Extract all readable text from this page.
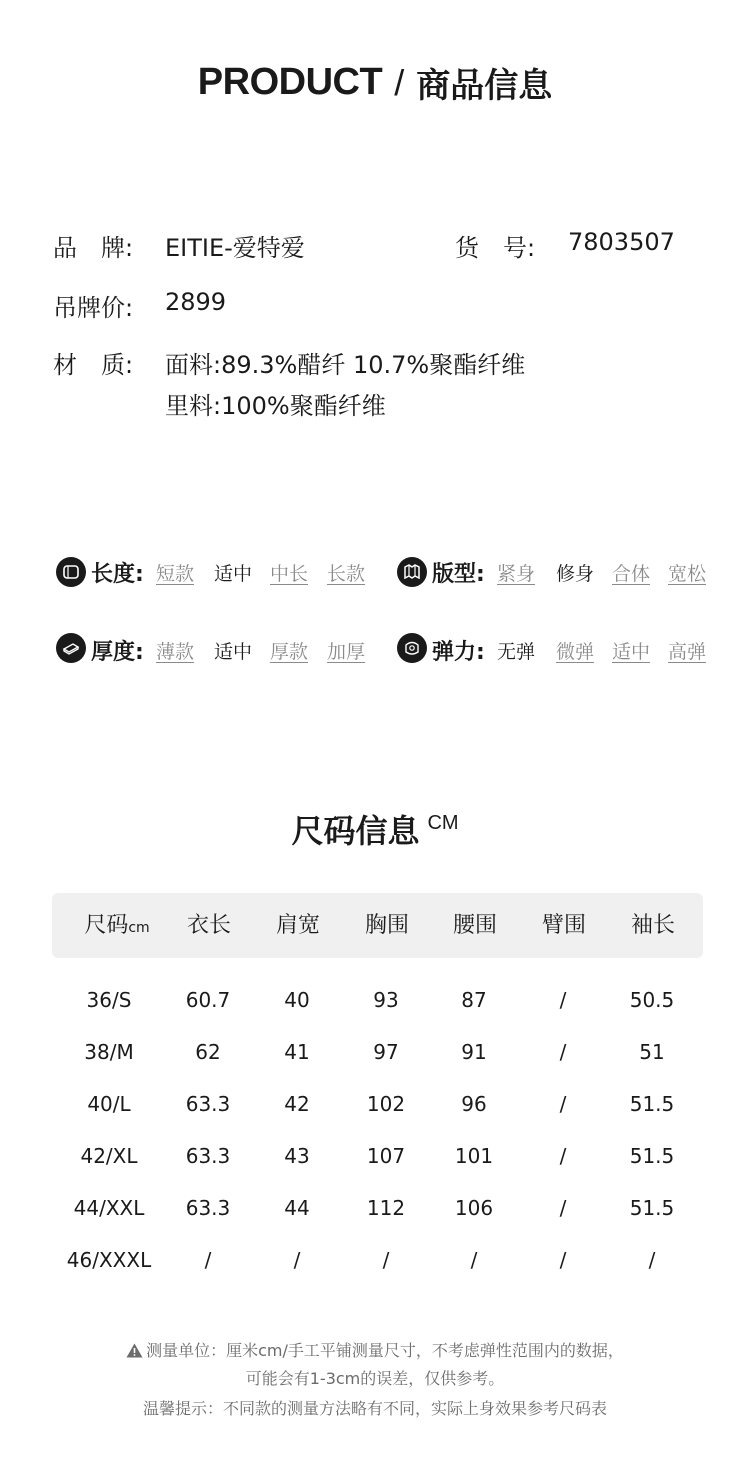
PRODUCT / 商品信息
品　牌: EITIE-爱特爱	货　号: 7803507
吊牌价: 2899
材　质: 面料:89.3%醋纤 10.7%聚酯纤维
里料:100%聚酯纤维
长度: 短款 适中 中长 长款	版型: 紧身 修身 合体 宽松
厚度: 薄款 适中 厚款 加厚	弹力: 无弹 微弹 适中 高弹
尺码信息 CM
尺码cm 衣长 肩宽 胸围 腰围 臂围 袖长
36/S	60.7	40	93	87	/	50.5
38/M	62	41	97	91	/	51
40/L	63.3	42	102	96	/	51.5
42/XL 63.3	43	107 101	/	51.5
44/XXL 63.3	44	112 106	/	51.5
46/XXXL	/	/	/	/	/	/
测量单位：厘米cm/手工平铺测量尺寸，不考虑弹性范围内的数据，
可能会有1-3cm的误差，仅供参考。
温馨提示：不同款的测量方法略有不同，实际上身效果参考尺码表
